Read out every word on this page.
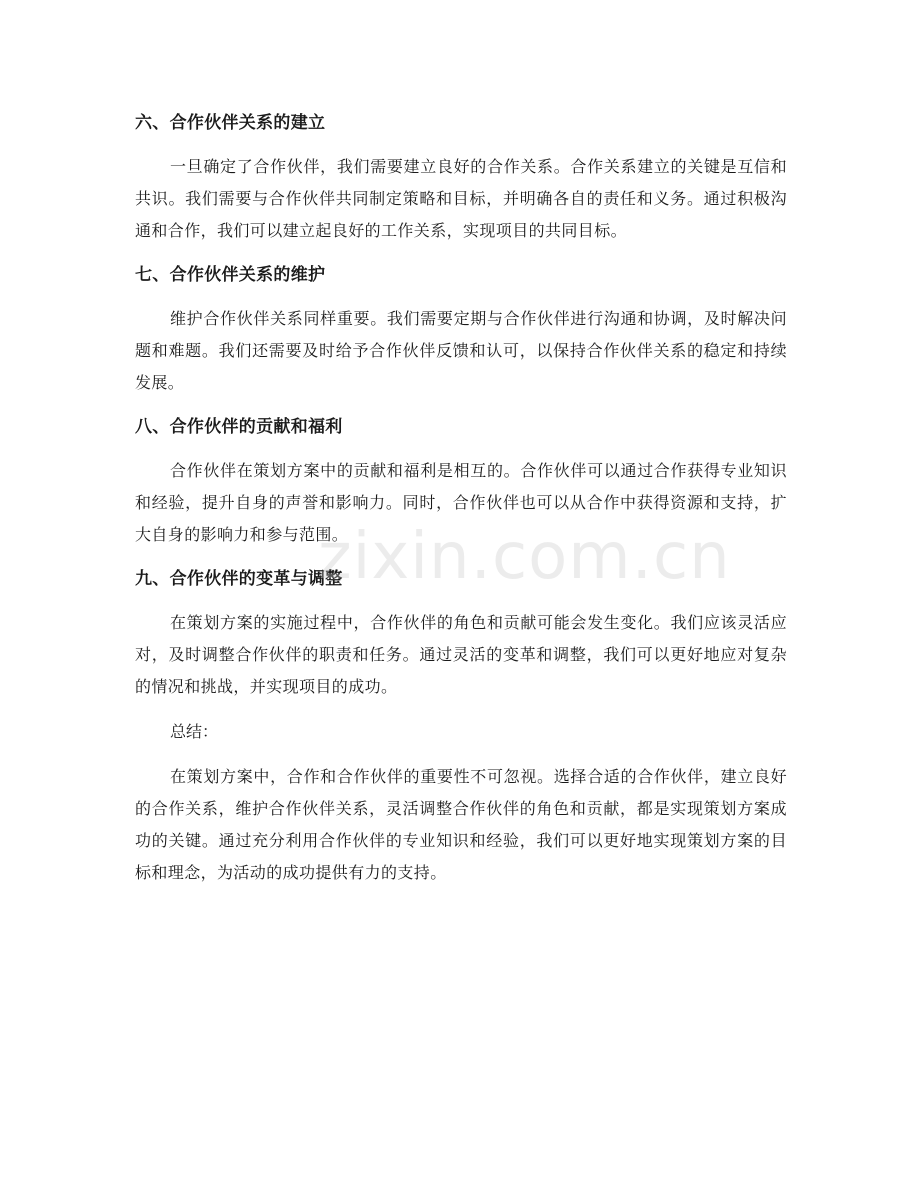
六、合作伙伴关系的建立

一旦确定了合作伙伴，我们需要建立良好的合作关系。合作关系建立的关键是互信和共识。我们需要与合作伙伴共同制定策略和目标，并明确各自的责任和义务。通过积极沟通和合作，我们可以建立起良好的工作关系，实现项目的共同目标。

七、合作伙伴关系的维护

维护合作伙伴关系同样重要。我们需要定期与合作伙伴进行沟通和协调，及时解决问题和难题。我们还需要及时给予合作伙伴反馈和认可，以保持合作伙伴关系的稳定和持续发展。

八、合作伙伴的贡献和福利

合作伙伴在策划方案中的贡献和福利是相互的。合作伙伴可以通过合作获得专业知识和经验，提升自身的声誉和影响力。同时，合作伙伴也可以从合作中获得资源和支持，扩大自身的影响力和参与范围。

九、合作伙伴的变革与调整

在策划方案的实施过程中，合作伙伴的角色和贡献可能会发生变化。我们应该灵活应对，及时调整合作伙伴的职责和任务。通过灵活的变革和调整，我们可以更好地应对复杂的情况和挑战，并实现项目的成功。

总结：

在策划方案中，合作和合作伙伴的重要性不可忽视。选择合适的合作伙伴，建立良好的合作关系，维护合作伙伴关系，灵活调整合作伙伴的角色和贡献，都是实现策划方案成功的关键。通过充分利用合作伙伴的专业知识和经验，我们可以更好地实现策划方案的目标和理念，为活动的成功提供有力的支持。

zixin.com.cn
